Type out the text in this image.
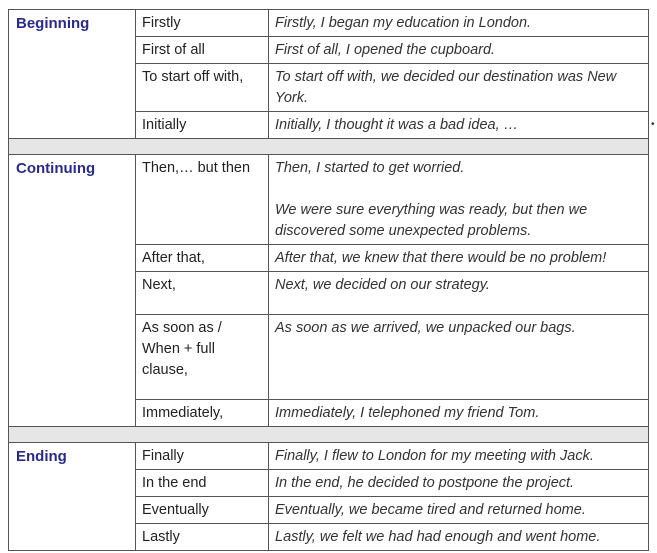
Beginning	Firstly	Firstly, I began my education in London.
	First of all	First of all, I opened the cupboard.
	To start off with,	To start off with, we decided our destination was New York.
	Initially	Initially, I thought it was a bad idea, …

Continuing	Then,… but then	Then, I started to get worried.
We were sure everything was ready, but then we discovered some unexpected problems.
	After that,	After that, we knew that there would be no problem!
	Next,	Next, we decided on our strategy.
	As soon as / When + full clause,	As soon as we arrived, we unpacked our bags.
	Immediately,	Immediately, I telephoned my friend Tom.

Ending	Finally	Finally, I flew to London for my meeting with Jack.
	In the end	In the end, he decided to postpone the project.
	Eventually	Eventually, we became tired and returned home.
	Lastly	Lastly, we felt we had had enough and went home.
•
